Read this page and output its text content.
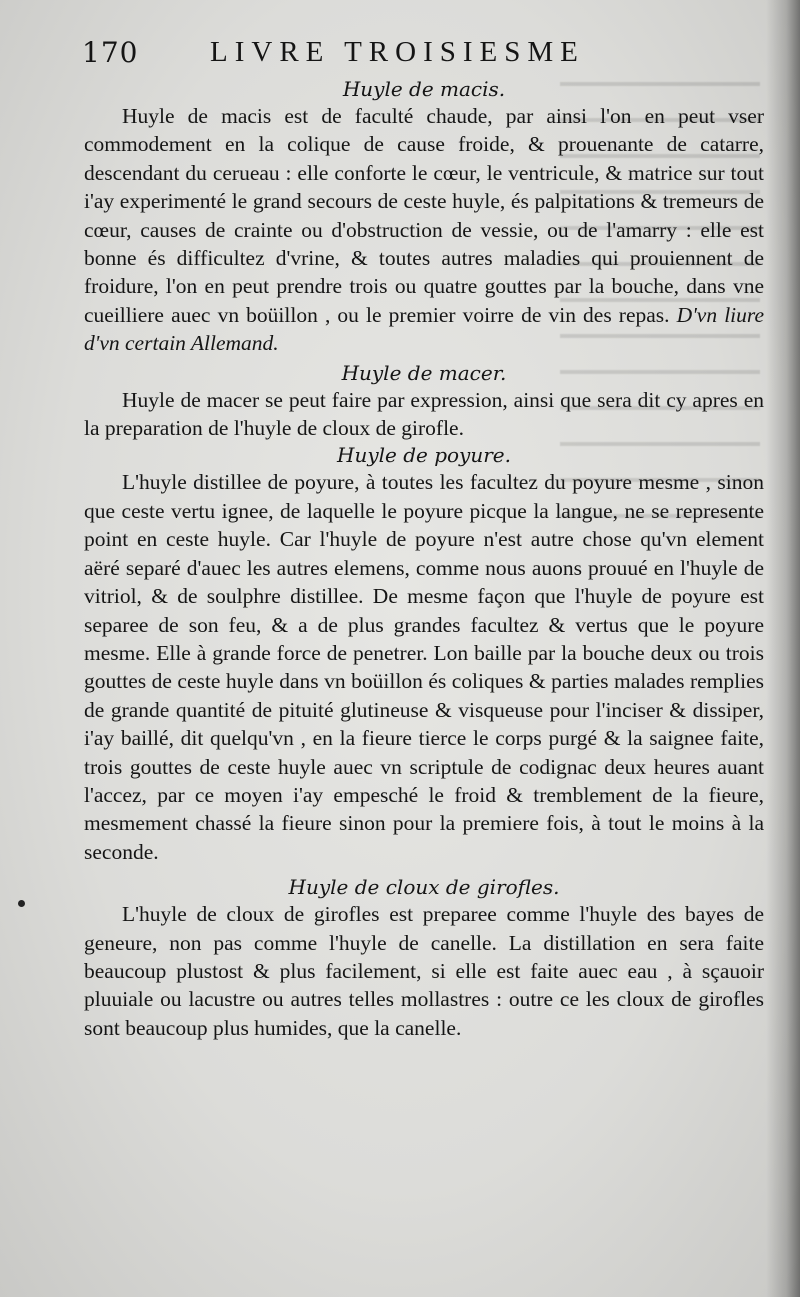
170 LIVRE TROISIESME

Huyle de macis.

Huyle de macis est de faculté chaude, par ainsi l'on en peut vser commodement en la colique de cause froide, & prouenante de catarre, descendant du cerueau : elle conforte le cœur, le ventricule, & matrice sur tout i'ay experimenté le grand secours de ceste huyle, és palpitations & tremeurs de cœur, causes de crainte ou d'obstruction de vessie, ou de l'amarry : elle est bonne és difficultez d'vrine, & toutes autres maladies qui prouiennent de froidure, l'on en peut prendre trois ou quatre gouttes par la bouche, dans vne cueilliere auec vn boüillon , ou le premier voirre de vin des repas. D'vn liure d'vn certain Allemand.

Huyle de macer.

Huyle de macer se peut faire par expression, ainsi que sera dit cy apres en la preparation de l'huyle de cloux de girofle.

Huyle de poyure.

L'huyle distillee de poyure, à toutes les facultez du poyure mesme , sinon que ceste vertu ignee, de laquelle le poyure picque la langue, ne se represente point en ceste huyle. Car l'huyle de poyure n'est autre chose qu'vn element aëré separé d'auec les autres elemens, comme nous auons prouué en l'huyle de vitriol, & de soulphre distillee. De mesme façon que l'huyle de poyure est separee de son feu, & a de plus grandes facultez & vertus que le poyure mesme. Elle à grande force de penetrer. Lon baille par la bouche deux ou trois gouttes de ceste huyle dans vn boüillon és coliques & parties malades remplies de grande quantité de pituité glutineuse & visqueuse pour l'inciser & dissiper, i'ay baillé, dit quelqu'vn , en la fieure tierce le corps purgé & la saignee faite, trois gouttes de ceste huyle auec vn scriptule de codignac deux heures auant l'accez, par ce moyen i'ay empesché le froid & tremblement de la fieure, mesmement chassé la fieure sinon pour la premiere fois, à tout le moins à la seconde.

Huyle de cloux de girofles.

L'huyle de cloux de girofles est preparee comme l'huyle des bayes de geneure, non pas comme l'huyle de canelle. La distillation en sera faite beaucoup plustost & plus facilement, si elle est faite auec eau , à sçauoir pluuiale ou lacustre ou autres telles mollastres : outre ce les cloux de girofles sont beaucoup plus humides, que la canelle.
